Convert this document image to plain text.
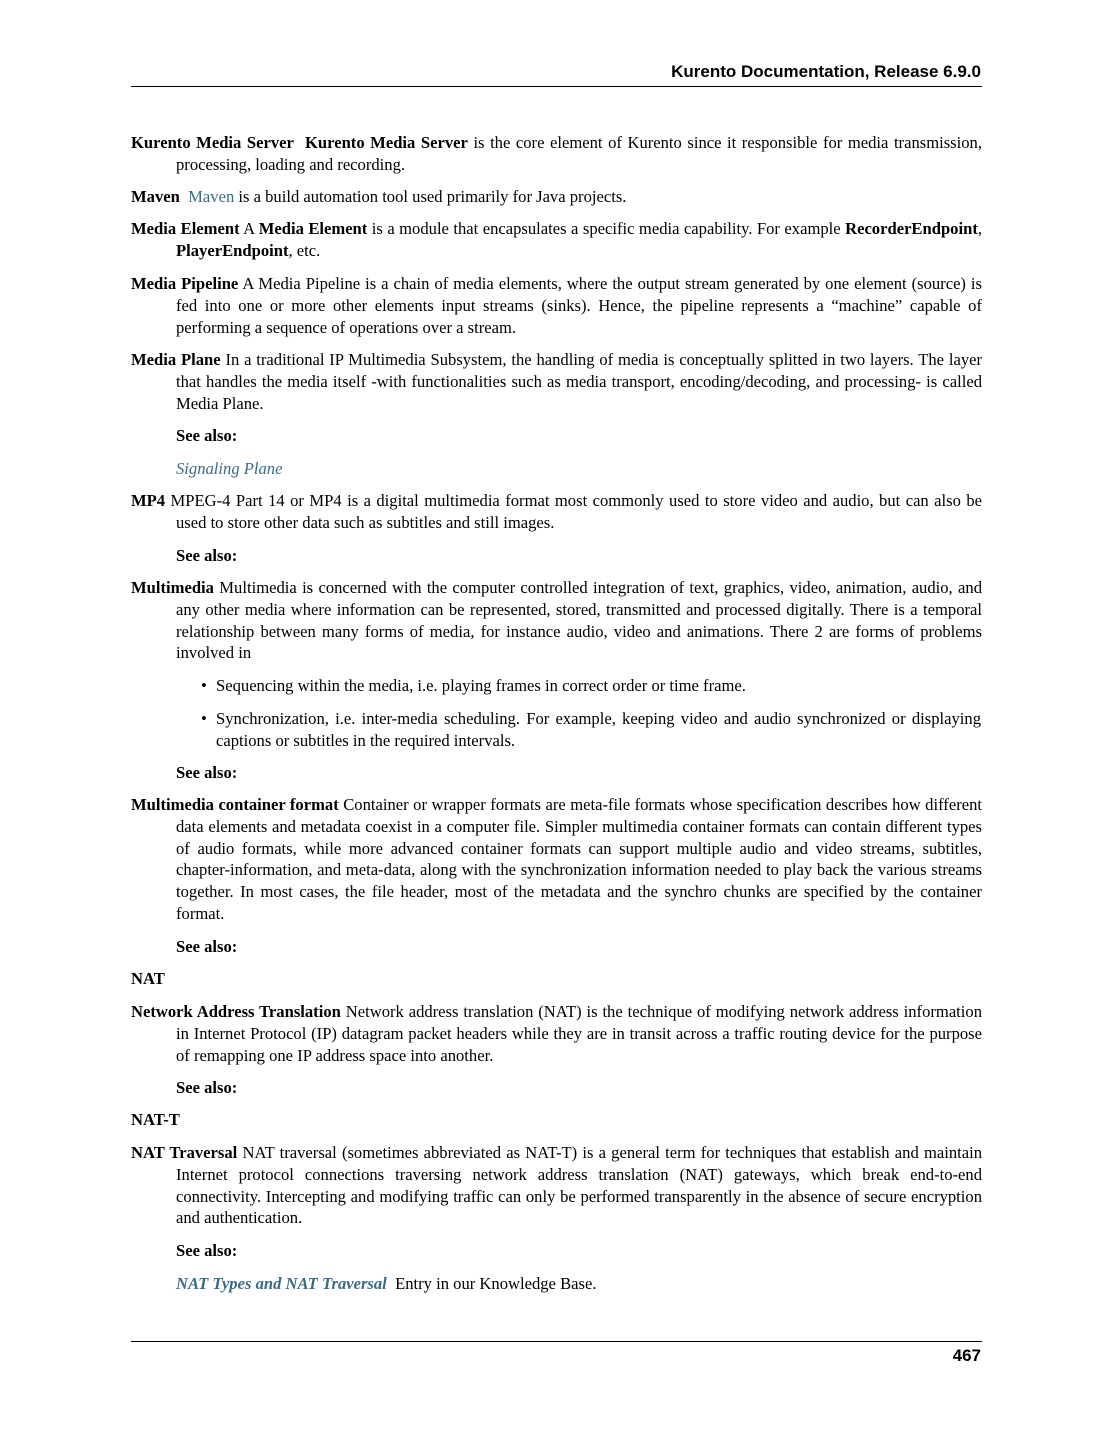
Kurento Documentation, Release 6.9.0
Kurento Media Server Kurento Media Server is the core element of Kurento since it responsible for media transmission, processing, loading and recording.
Maven Maven is a build automation tool used primarily for Java projects.
Media Element A Media Element is a module that encapsulates a specific media capability. For example RecorderEndpoint, PlayerEndpoint, etc.
Media Pipeline A Media Pipeline is a chain of media elements, where the output stream generated by one element (source) is fed into one or more other elements input streams (sinks). Hence, the pipeline represents a “machine” capable of performing a sequence of operations over a stream.
Media Plane In a traditional IP Multimedia Subsystem, the handling of media is conceptually splitted in two layers. The layer that handles the media itself -with functionalities such as media transport, encoding/decoding, and processing- is called Media Plane.
See also:
Signaling Plane
MP4 MPEG-4 Part 14 or MP4 is a digital multimedia format most commonly used to store video and audio, but can also be used to store other data such as subtitles and still images.
See also:
Multimedia Multimedia is concerned with the computer controlled integration of text, graphics, video, animation, audio, and any other media where information can be represented, stored, transmitted and processed digitally. There is a temporal relationship between many forms of media, for instance audio, video and animations. There 2 are forms of problems involved in
• Sequencing within the media, i.e. playing frames in correct order or time frame.
• Synchronization, i.e. inter-media scheduling. For example, keeping video and audio synchronized or displaying captions or subtitles in the required intervals.
See also:
Multimedia container format Container or wrapper formats are meta-file formats whose specification describes how different data elements and metadata coexist in a computer file. Simpler multimedia container formats can contain different types of audio formats, while more advanced container formats can support multiple audio and video streams, subtitles, chapter-information, and meta-data, along with the synchronization information needed to play back the various streams together. In most cases, the file header, most of the metadata and the synchro chunks are specified by the container format.
See also:
NAT
Network Address Translation Network address translation (NAT) is the technique of modifying network address information in Internet Protocol (IP) datagram packet headers while they are in transit across a traffic routing device for the purpose of remapping one IP address space into another.
See also:
NAT-T
NAT Traversal NAT traversal (sometimes abbreviated as NAT-T) is a general term for techniques that establish and maintain Internet protocol connections traversing network address translation (NAT) gateways, which break end-to-end connectivity. Intercepting and modifying traffic can only be performed transparently in the absence of secure encryption and authentication.
See also:
NAT Types and NAT Traversal  Entry in our Knowledge Base.
467
